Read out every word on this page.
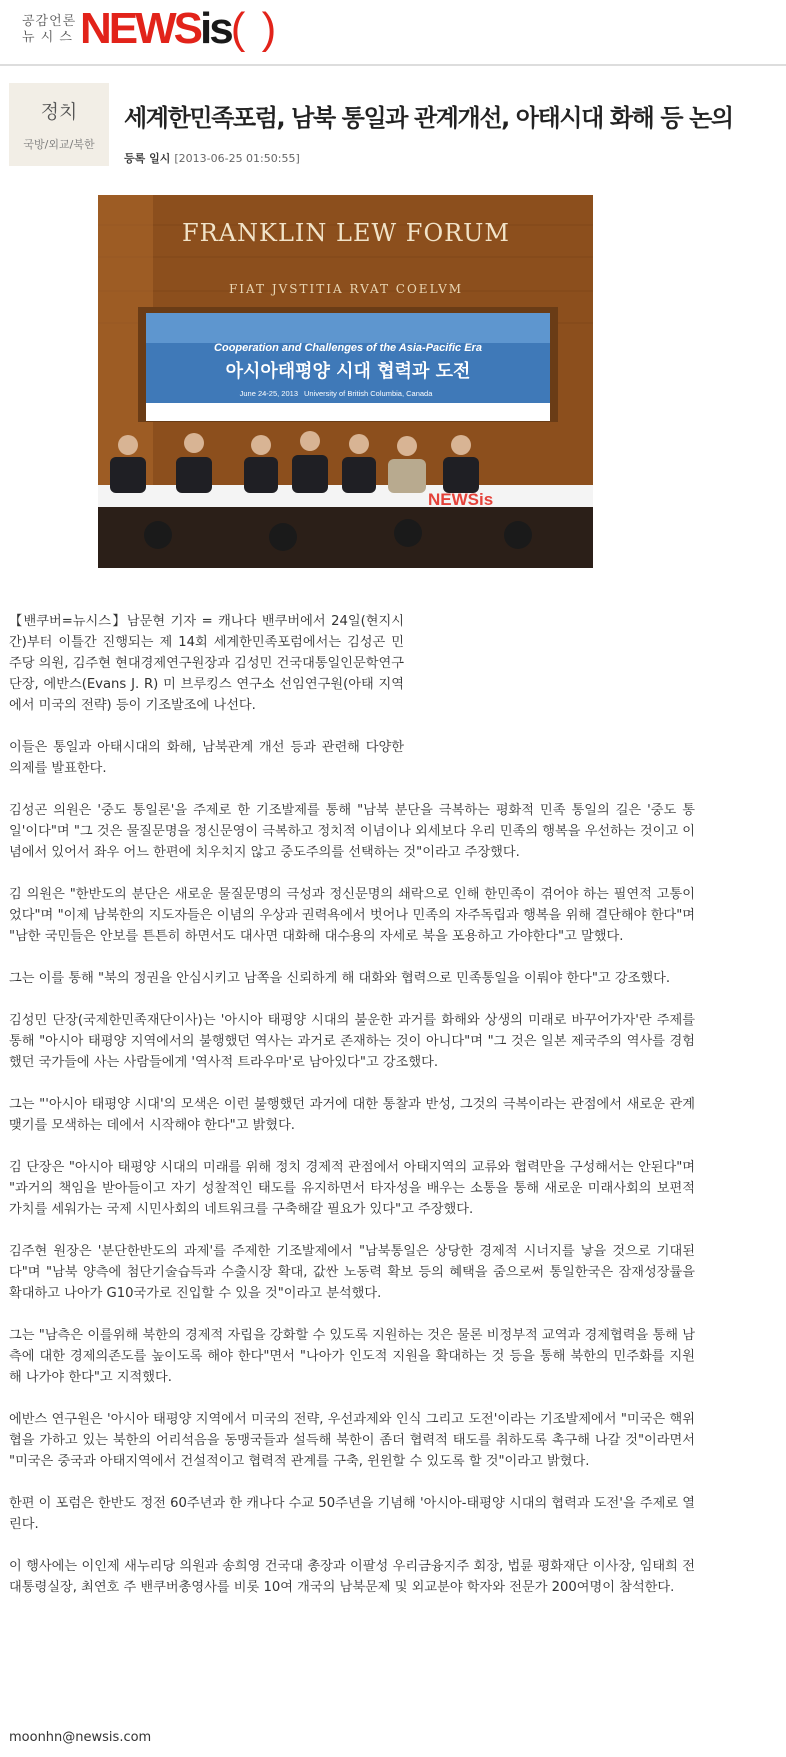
공감언론
뉴 시 스 NEWSis( )
정치
국방/외교/북한
세계한민족포럼, 남북 통일과 관계개선, 아태시대 화해 등 논의
등록 일시 [2013-06-25 01:50:55]
FRANKLIN LEW FORUM
FIAT JVSTITIA RVAT COELVM
Cooperation and Challenges of the Asia-Pacific Era
아시아태평양 시대 협력과 도전
June 24-25, 2013 University of British Columbia, Canada
NEWSis

【밴쿠버=뉴시스】남문현 기자 = 캐나다 밴쿠버에서 24일(현지시간)부터 이틀간 진행되는 제 14회 세계한민족포럼에서는 김성곤 민주당 의원, 김주현 현대경제연구원장과 김성민 건국대통일인문학연구단장, 에반스(Evans J. R) 미 브루킹스 연구소 선임연구원(아태 지역에서 미국의 전략) 등이 기조발조에 나선다.

이들은 통일과 아태시대의 화해, 남북관계 개선 등과 관련해 다양한 의제를 발표한다.

김성곤 의원은 '중도 통일론'을 주제로 한 기조발제를 통해 "남북 분단을 극복하는 평화적 민족 통일의 길은 '중도 통일'이다"며 "그 것은 물질문명을 정신문영이 극복하고 정치적 이념이나 외세보다 우리 민족의 행복을 우선하는 것이고 이념에서 있어서 좌우 어느 한편에 치우치지 않고 중도주의를 선택하는 것"이라고 주장했다.

김 의원은 "한반도의 분단은 새로운 물질문명의 극성과 정신문명의 쇄락으로 인해 한민족이 겪어야 하는 필연적 고통이었다"며 "이제 남북한의 지도자들은 이념의 우상과 권력욕에서 벗어나 민족의 자주독립과 행복을 위해 결단해야 한다"며 "남한 국민들은 안보를 튼튼히 하면서도 대사면 대화해 대수용의 자세로 북을 포용하고 가야한다"고 말했다.

그는 이를 통해 "북의 정권을 안심시키고 남쪽을 신뢰하게 해 대화와 협력으로 민족통일을 이뤄야 한다"고 강조했다.

김성민 단장(국제한민족재단이사)는 '아시아 태평양 시대의 불운한 과거를 화해와 상생의 미래로 바꾸어가자'란 주제를 통해 "아시아 태평양 지역에서의 불행했던 역사는 과거로 존재하는 것이 아니다"며 "그 것은 일본 제국주의 역사를 경험했던 국가들에 사는 사람들에게 '역사적 트라우마'로 남아있다"고 강조했다.

그는 "'아시아 태평양 시대'의 모색은 이런 불행했던 과거에 대한 통찰과 반성, 그것의 극복이라는 관점에서 새로운 관계 맺기를 모색하는 데에서 시작해야 한다"고 밝혔다.

김 단장은 "아시아 태평양 시대의 미래를 위해 정치 경제적 관점에서 아태지역의 교류와 협력만을 구성해서는 안된다"며 "과거의 책임을 받아들이고 자기 성찰적인 태도를 유지하면서 타자성을 배우는 소통을 통해 새로운 미래사회의 보편적 가치를 세워가는 국제 시민사회의 네트워크를 구축해갈 필요가 있다"고 주장했다.

김주현 원장은 '분단한반도의 과제'를 주제한 기조발제에서 "남북통일은 상당한 경제적 시너지를 낳을 것으로 기대된다"며 "남북 양측에 첨단기술습득과 수출시장 확대, 값싼 노동력 확보 등의 혜택을 줌으로써 통일한국은 잠재성장률을 확대하고 나아가 G10국가로 진입할 수 있을 것"이라고 분석했다.

그는 "남측은 이를위해 북한의 경제적 자립을 강화할 수 있도록 지원하는 것은 물론 비정부적 교역과 경제협력을 통해 남측에 대한 경제의존도를 높이도록 해야 한다"면서 "나아가 인도적 지원을 확대하는 것 등을 통해 북한의 민주화를 지원해 나가야 한다"고 지적했다.

에반스 연구원은 '아시아 태평양 지역에서 미국의 전략, 우선과제와 인식 그리고 도전'이라는 기조발제에서 "미국은 핵위협을 가하고 있는 북한의 어리석음을 동맹국들과 설득해 북한이 좀더 협력적 태도를 취하도록 촉구해 나갈 것"이라면서 "미국은 중국과 아태지역에서 건설적이고 협력적 관계를 구축, 윈윈할 수 있도록 할 것"이라고 밝혔다.

한편 이 포럼은 한반도 정전 60주년과 한 캐나다 수교 50주년을 기념해 '아시아-태평양 시대의 협력과 도전'을 주제로 열린다.

이 행사에는 이인제 새누리당 의원과 송희영 건국대 총장과 이팔성 우리금융지주 회장, 법륜 평화재단 이사장, 임태희 전 대통령실장, 최연호 주 밴쿠버총영사를 비롯 10여 개국의 남북문제 및 외교분야 학자와 전문가 200여명이 참석한다.

moonhn@newsis.com
